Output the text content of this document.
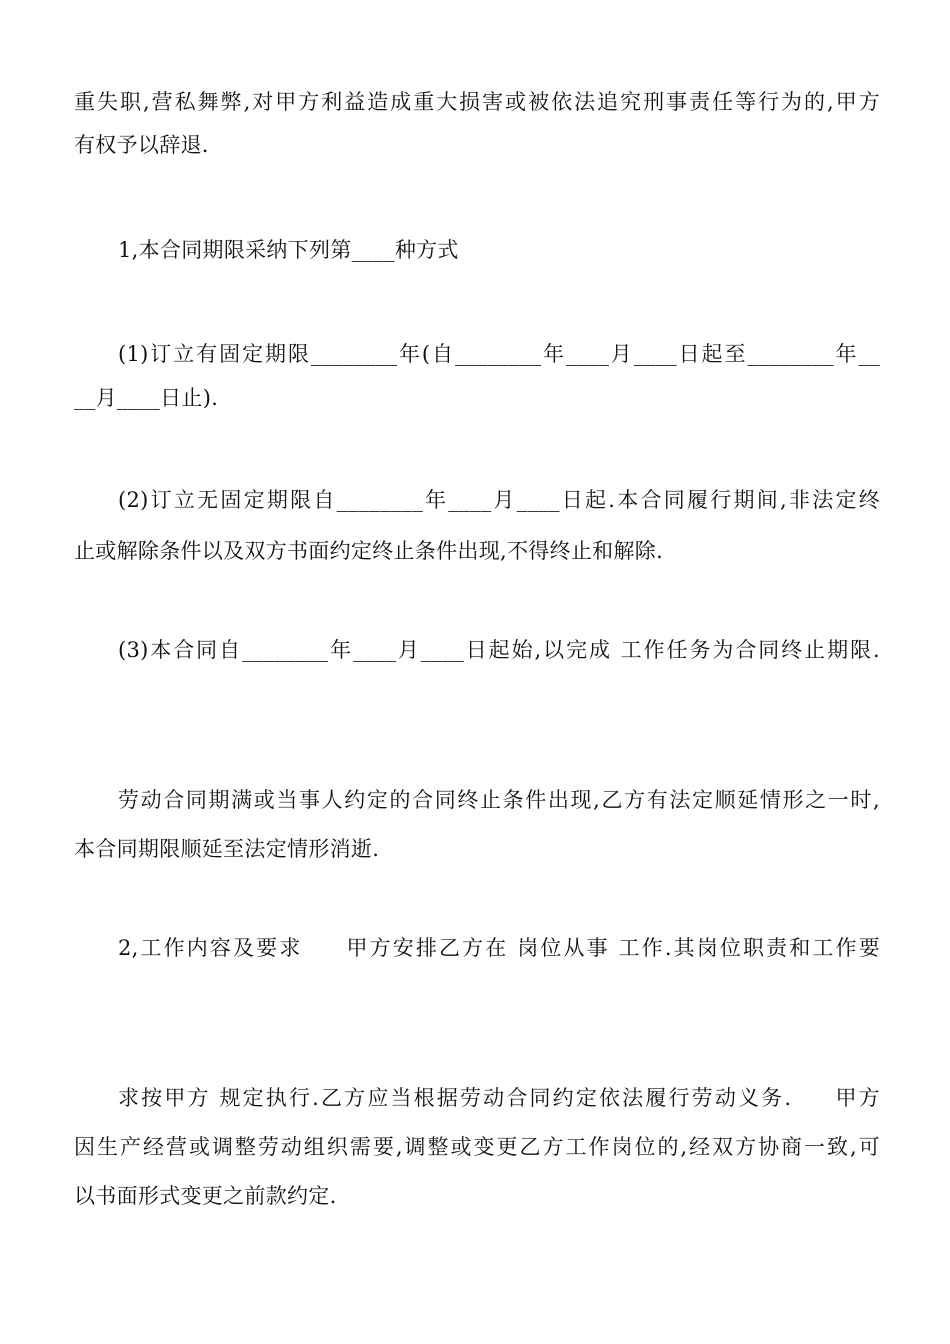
重失职,营私舞弊,对甲方利益造成重大损害或被依法追究刑事责任等行为的,甲方
有权予以辞退.
1,本合同期限采纳下列第____种方式
(1)订立有固定期限________年(自________年____月____日起至________年__
__月____日止).
(2)订立无固定期限自________年____月____日起.本合同履行期间,非法定终
止或解除条件以及双方书面约定终止条件出现,不得终止和解除.
(3)本合同自________年____月____日起始,以完成 工作任务为合同终止期限.
劳动合同期满或当事人约定的合同终止条件出现,乙方有法定顺延情形之一时,
本合同期限顺延至法定情形消逝.
2,工作内容及要求     甲方安排乙方在 岗位从事 工作.其岗位职责和工作要
求按甲方 规定执行.乙方应当根据劳动合同约定依法履行劳动义务.     甲方
因生产经营或调整劳动组织需要,调整或变更乙方工作岗位的,经双方协商一致,可
以书面形式变更之前款约定.
